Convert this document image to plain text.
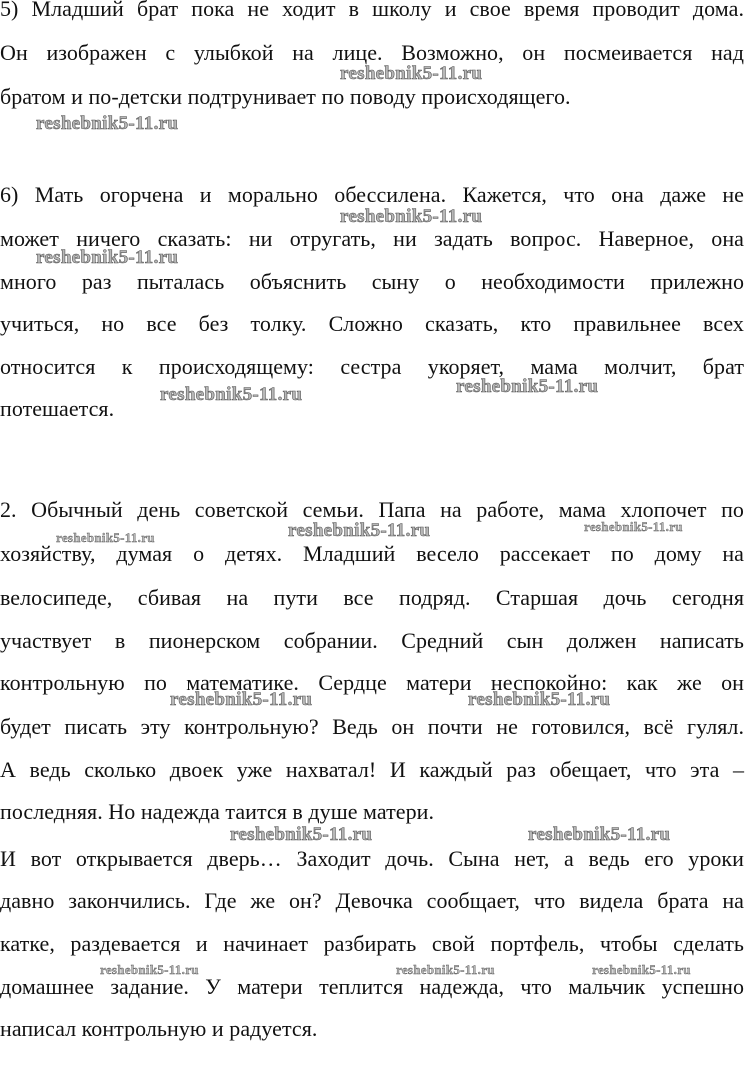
5) Младший брат пока не ходит в школу и свое время проводит дома.
Он изображен с улыбкой на лице. Возможно, он посмеивается над
братом и по-детски подтрунивает по поводу происходящего.
6) Мать огорчена и морально обессилена. Кажется, что она даже не
может ничего сказать: ни отругать, ни задать вопрос. Наверное, она
много раз пыталась объяснить сыну о необходимости прилежно
учиться, но все без толку. Сложно сказать, кто правильнее всех
относится к происходящему: сестра укоряет, мама молчит, брат
потешается.
2. Обычный день советской семьи. Папа на работе, мама хлопочет по
хозяйству, думая о детях. Младший весело рассекает по дому на
велосипеде, сбивая на пути все подряд. Старшая дочь сегодня
участвует в пионерском собрании. Средний сын должен написать
контрольную по математике. Сердце матери неспокойно: как же он
будет писать эту контрольную? Ведь он почти не готовился, всё гулял.
А ведь сколько двоек уже нахватал! И каждый раз обещает, что эта –
последняя. Но надежда таится в душе матери.
И вот открывается дверь… Заходит дочь. Сына нет, а ведь его уроки
давно закончились. Где же он? Девочка сообщает, что видела брата на
катке, раздевается и начинает разбирать свой портфель, чтобы сделать
домашнее задание. У матери теплится надежда, что мальчик успешно
написал контрольную и радуется.
reshebnik5-11.ru
reshebnik5-11.ru
reshebnik5-11.ru
reshebnik5-11.ru
reshebnik5-11.ru
reshebnik5-11.ru
reshebnik5-11.ru	reshebnik5-11.ru	reshebnik5-11.ru
reshebnik5-11.ru	reshebnik5-11.ru
reshebnik5-11.ru	reshebnik5-11.ru
reshebnik5-11.ru	reshebnik5-11.ru	reshebnik5-11.ru
